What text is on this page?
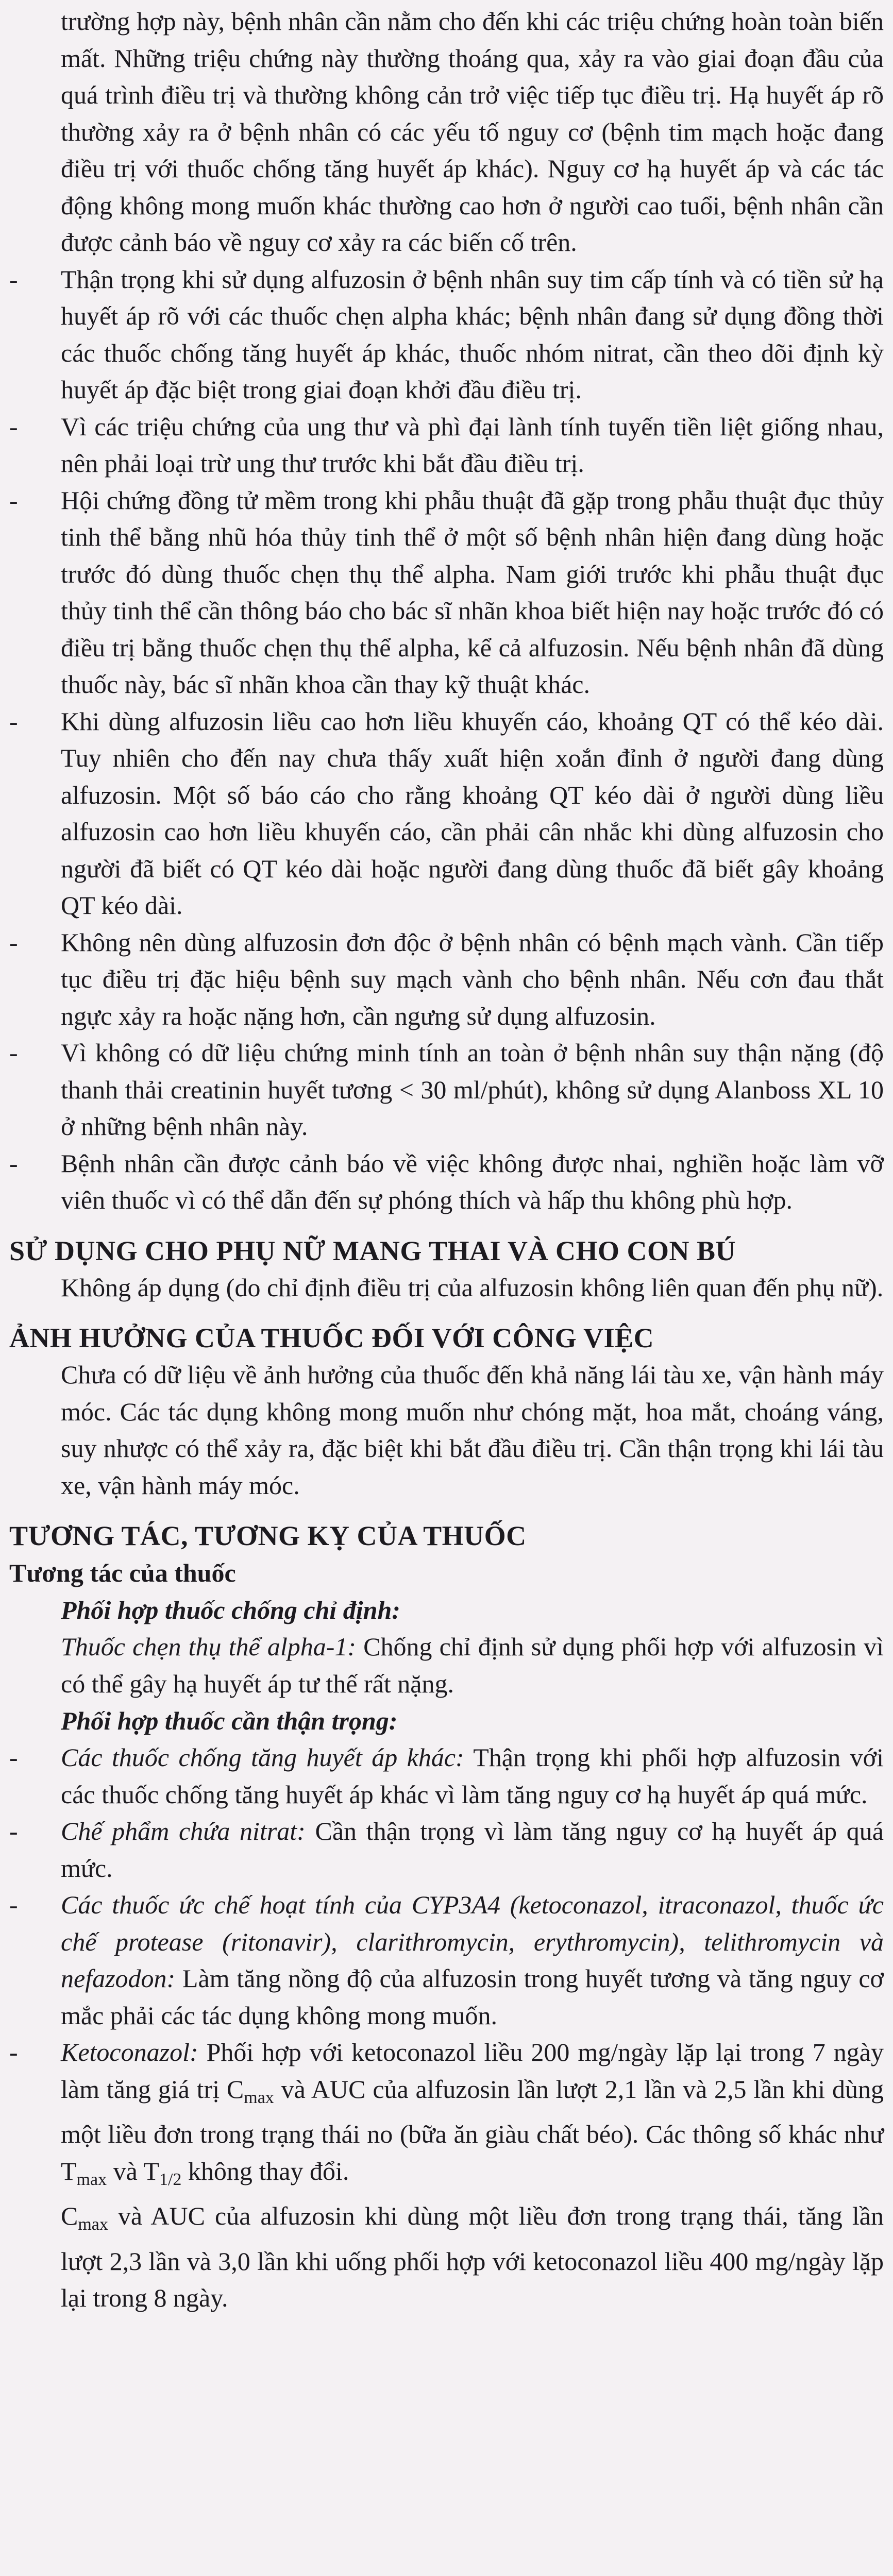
trường hợp này, bệnh nhân cần nằm cho đến khi các triệu chứng hoàn toàn biến mất. Những triệu chứng này thường thoáng qua, xảy ra vào giai đoạn đầu của quá trình điều trị và thường không cản trở việc tiếp tục điều trị. Hạ huyết áp rõ thường xảy ra ở bệnh nhân có các yếu tố nguy cơ (bệnh tim mạch hoặc đang điều trị với thuốc chống tăng huyết áp khác). Nguy cơ hạ huyết áp và các tác động không mong muốn khác thường cao hơn ở người cao tuổi, bệnh nhân cần được cảnh báo về nguy cơ xảy ra các biến cố trên.

-	Thận trọng khi sử dụng alfuzosin ở bệnh nhân suy tim cấp tính và có tiền sử hạ huyết áp rõ với các thuốc chẹn alpha khác; bệnh nhân đang sử dụng đồng thời các thuốc chống tăng huyết áp khác, thuốc nhóm nitrat, cần theo dõi định kỳ huyết áp đặc biệt trong giai đoạn khởi đầu điều trị.
-	Vì các triệu chứng của ung thư và phì đại lành tính tuyến tiền liệt giống nhau, nên phải loại trừ ung thư trước khi bắt đầu điều trị.
-	Hội chứng đồng tử mềm trong khi phẫu thuật đã gặp trong phẫu thuật đục thủy tinh thể bằng nhũ hóa thủy tinh thể ở một số bệnh nhân hiện đang dùng hoặc trước đó dùng thuốc chẹn thụ thể alpha. Nam giới trước khi phẫu thuật đục thủy tinh thể cần thông báo cho bác sĩ nhãn khoa biết hiện nay hoặc trước đó có điều trị bằng thuốc chẹn thụ thể alpha, kể cả alfuzosin. Nếu bệnh nhân đã dùng thuốc này, bác sĩ nhãn khoa cần thay kỹ thuật khác.
-	Khi dùng alfuzosin liều cao hơn liều khuyến cáo, khoảng QT có thể kéo dài. Tuy nhiên cho đến nay chưa thấy xuất hiện xoắn đỉnh ở người đang dùng alfuzosin. Một số báo cáo cho rằng khoảng QT kéo dài ở người dùng liều alfuzosin cao hơn liều khuyến cáo, cần phải cân nhắc khi dùng alfuzosin cho người đã biết có QT kéo dài hoặc người đang dùng thuốc đã biết gây khoảng QT kéo dài.
-	Không nên dùng alfuzosin đơn độc ở bệnh nhân có bệnh mạch vành. Cần tiếp tục điều trị đặc hiệu bệnh suy mạch vành cho bệnh nhân. Nếu cơn đau thắt ngực xảy ra hoặc nặng hơn, cần ngưng sử dụng alfuzosin.
-	Vì không có dữ liệu chứng minh tính an toàn ở bệnh nhân suy thận nặng (độ thanh thải creatinin huyết tương < 30 ml/phút), không sử dụng Alanboss XL 10 ở những bệnh nhân này.
-	Bệnh nhân cần được cảnh báo về việc không được nhai, nghiền hoặc làm vỡ viên thuốc vì có thể dẫn đến sự phóng thích và hấp thu không phù hợp.
SỬ DỤNG CHO PHỤ NỮ MANG THAI VÀ CHO CON BÚ

Không áp dụng (do chỉ định điều trị của alfuzosin không liên quan đến phụ nữ).

ẢNH HƯỞNG CỦA THUỐC ĐỐI VỚI CÔNG VIỆC

Chưa có dữ liệu về ảnh hưởng của thuốc đến khả năng lái tàu xe, vận hành máy móc. Các tác dụng không mong muốn như chóng mặt, hoa mắt, choáng váng, suy nhược có thể xảy ra, đặc biệt khi bắt đầu điều trị. Cần thận trọng khi lái tàu xe, vận hành máy móc.

TƯƠNG TÁC, TƯƠNG KỴ CỦA THUỐC

Tương tác của thuốc

Phối hợp thuốc chống chỉ định:

Thuốc chẹn thụ thể alpha-1: Chống chỉ định sử dụng phối hợp với alfuzosin vì có thể gây hạ huyết áp tư thế rất nặng.

Phối hợp thuốc cần thận trọng:

-	Các thuốc chống tăng huyết áp khác: Thận trọng khi phối hợp alfuzosin với các thuốc chống tăng huyết áp khác vì làm tăng nguy cơ hạ huyết áp quá mức.
-	Chế phẩm chứa nitrat: Cần thận trọng vì làm tăng nguy cơ hạ huyết áp quá mức.
-	Các thuốc ức chế hoạt tính của CYP3A4 (ketoconazol, itraconazol, thuốc ức chế protease (ritonavir), clarithromycin, erythromycin), telithromycin và nefazodon: Làm tăng nồng độ của alfuzosin trong huyết tương và tăng nguy cơ mắc phải các tác dụng không mong muốn.
-	Ketoconazol: Phối hợp với ketoconazol liều 200 mg/ngày lặp lại trong 7 ngày làm tăng giá trị $C_{max}$ và AUC của alfuzosin lần lượt 2,1 lần và 2,5 lần khi dùng một liều đơn trong trạng thái no (bữa ăn giàu chất béo). Các thông số khác như $T_{max}$ và $T_{1/2}$ không thay đổi.

$C_{max}$ và AUC của alfuzosin khi dùng một liều đơn trong trạng thái, tăng lần lượt 2,3 lần và 3,0 lần khi uống phối hợp với ketoconazol liều 400 mg/ngày lặp lại trong 8 ngày.
